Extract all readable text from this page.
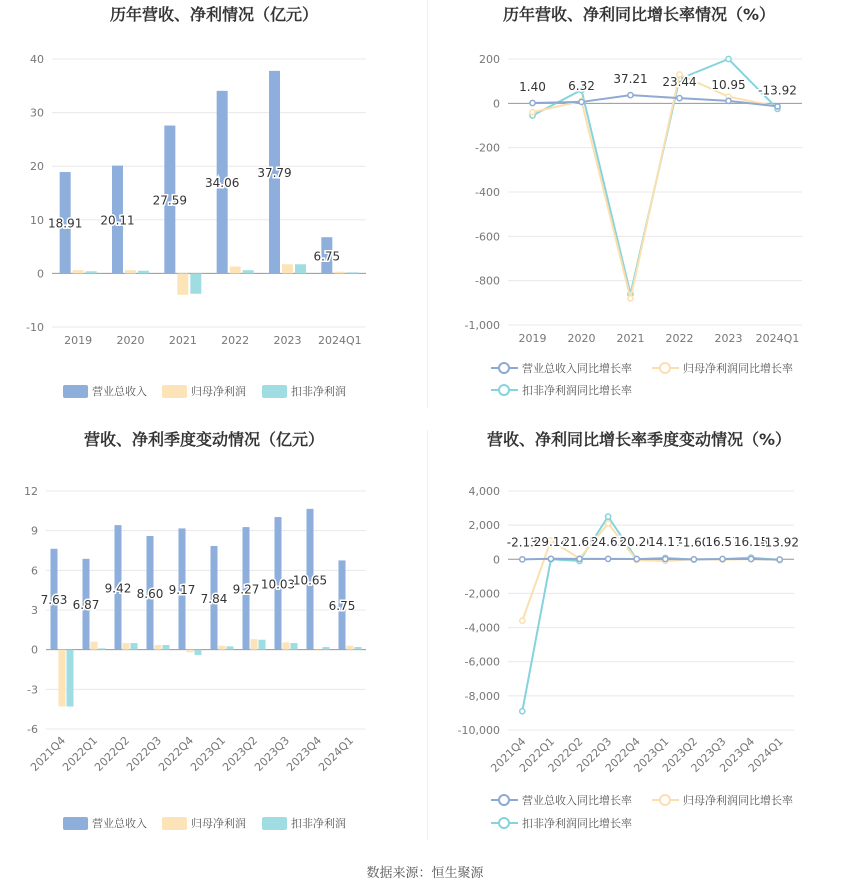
历年营收、净利情况（亿元）
-10
0
10
20
30
40
2019 2020 2021 2022 2023 2024Q1
18.91 20.11
27.59
34.06
37.79
6.75
营业总收入	归母净利润	扣非净利润
历年营收、净利同比增长率情况（%）
-1,000
-800
-600
-400
-200
0
200
2019 2020 2021 2022 2023 2024Q1
1.40 6.32 37.21 23.44 10.95 -13.92
营业总收入同比增长率	归母净利润同比增长率
扣非净利润同比增长率
营收、净利季度变动情况（亿元）
-6
-3
0
3
6
9
12
2021Q4
2022Q1
2022Q2
2022Q3
2022Q4
2023Q1
2023Q2
2023Q3
2023Q4
2024Q1
7.63 6.87
9.42 8.60 9.17
7.84
9.27 10.03
10.65
6.75
营业总收入	归母净利润	扣非净利润
营收、净利同比增长率季度变动情况（%）
-10,000
-8,000
-6,000
-4,000
-2,000
0
2,000
4,000
2021Q4
2022Q1
2022Q2
2022Q3
2022Q4
2023Q1
2023Q2
2023Q3
2023Q4
2024Q1
-2.13
29.14
21.65
24.63
20.20
14.17
-1.60
16.57
16.15
-13.92
营业总收入同比增长率	归母净利润同比增长率
扣非净利润同比增长率
数据来源：恒生聚源
